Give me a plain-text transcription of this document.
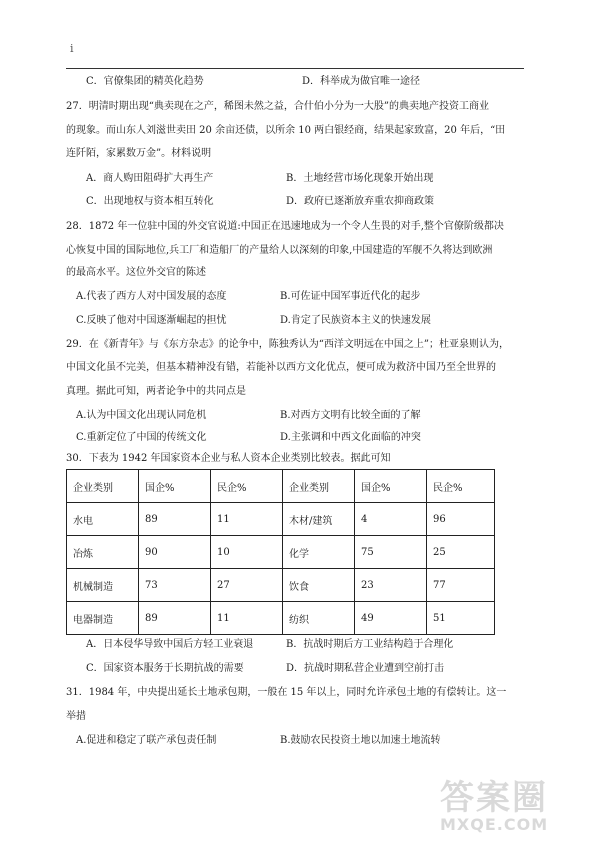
i
C．官僚集团的精英化趋势	D．科举成为做官唯一途径
27．明清时期出现“典卖现在之产，稀图未然之益，合什伯小分为一大股”的典卖地产投资工商业
的现象。而山东人刘滋世卖田 20 余亩还债，以所余 10 两白银经商，结果起家致富，20 年后，“田
连阡陌，家累数万金”。材料说明
A．商人购田阻碍扩大再生产	B．土地经营市场化现象开始出现
C．出现地权与资本相互转化	D．政府已逐渐放弃重农抑商政策
28．1872 年一位驻中国的外交官说道:中国正在迅速地成为一个令人生畏的对手,整个官僚阶级都决
心恢复中国的国际地位,兵工厂和造船厂的产量给人以深刻的印象,中国建造的军舰不久将达到欧洲
的最高水平。这位外交官的陈述
A.代表了西方人对中国发展的态度	B.可佐证中国军事近代化的起步
C.反映了他对中国逐渐崛起的担忧	D.肯定了民族资本主义的快速发展
29．在《新青年》与《东方杂志》的论争中，陈独秀认为“西洋文明远在中国之上”；杜亚泉则认为，
中国文化虽不完美，但基本精神没有错，若能补以西方文化优点，便可成为救济中国乃至全世界的
真理。据此可知，两者论争中的共同点是
A.认为中国文化出现认同危机	B.对西方文明有比较全面的了解
C.重新定位了中国的传统文化	D.主张调和中西文化面临的冲突
30．下表为 1942 年国家资本企业与私人资本企业类别比较表。据此可知
企业类别	国企%	民企%	企业类别	国企%	民企%
水电	89	11	木材/建筑	4	96
冶炼	90	10	化学	75	25
机械制造	73	27	饮食	23	77
电器制造	89	11	纺织	49	51
A．日本侵华导致中国后方轻工业衰退	B．抗战时期后方工业结构趋于合理化
C．国家资本服务于长期抗战的需要	D．抗战时期私营企业遭到空前打击
31．1984 年，中央提出延长土地承包期，一般在 15 年以上，同时允许承包土地的有偿转让。这一
举措
A.促进和稳定了联产承包责任制	B.鼓励农民投资土地以加速土地流转
答案圈
MXQE.COM
